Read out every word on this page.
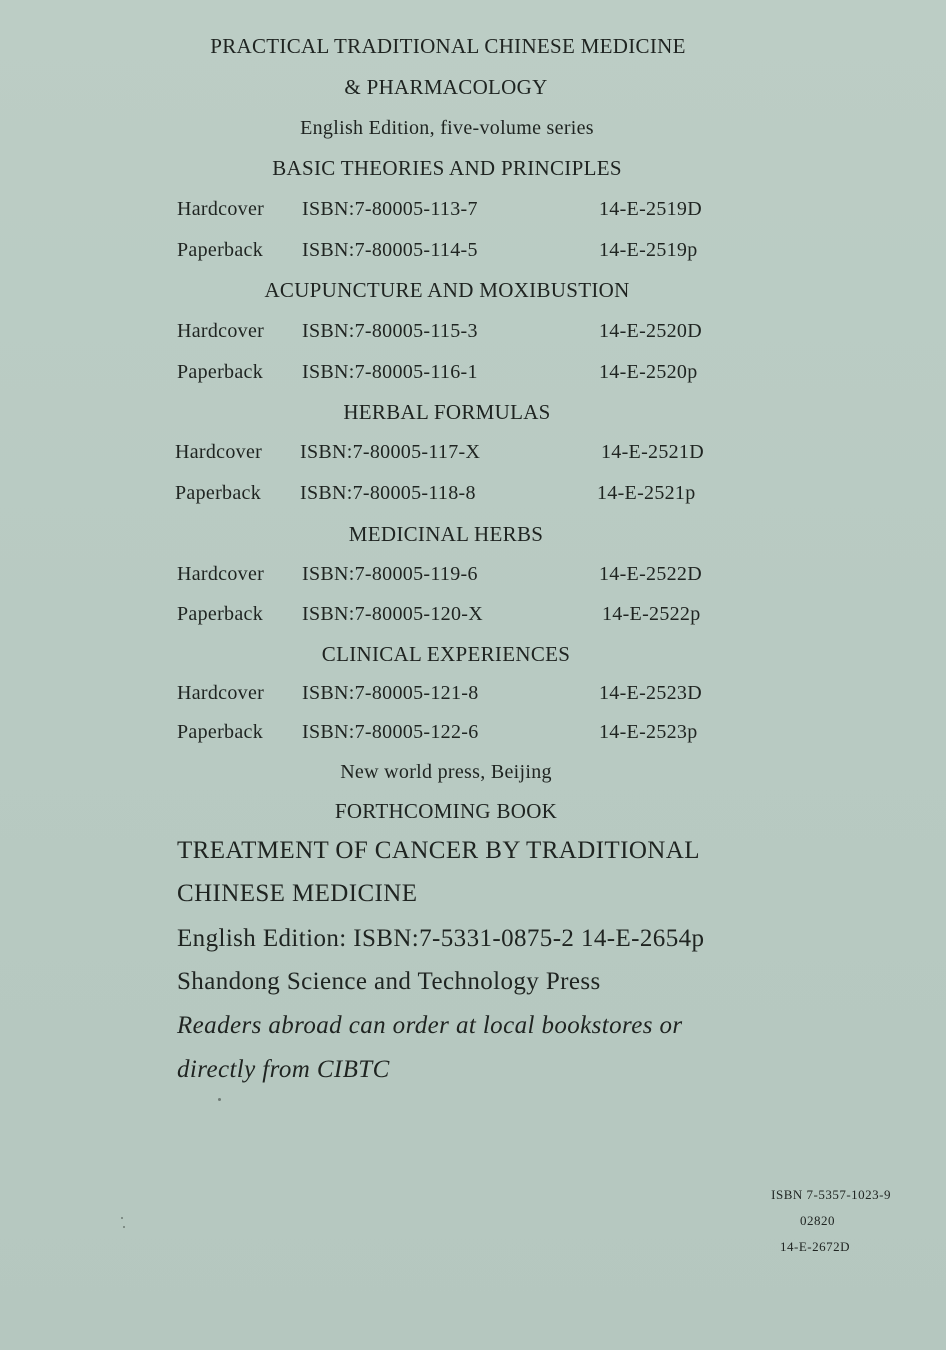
PRACTICAL TRADITIONAL CHINESE MEDICINE
& PHARMACOLOGY
English Edition, five-volume series
BASIC THEORIES AND PRINCIPLES
Hardcover ISBN:7-80005-113-7	14-E-2519D
Paperback ISBN:7-80005-114-5	14-E-2519p
ACUPUNCTURE AND MOXIBUSTION
Hardcover ISBN:7-80005-115-3	14-E-2520D
Paperback ISBN:7-80005-116-1	14-E-2520p
HERBAL FORMULAS
Hardcover ISBN:7-80005-117-X	14-E-2521D
Paperback ISBN:7-80005-118-8	14-E-2521p
MEDICINAL HERBS
Hardcover ISBN:7-80005-119-6	14-E-2522D
Paperback ISBN:7-80005-120-X	14-E-2522p
CLINICAL EXPERIENCES
Hardcover ISBN:7-80005-121-8	14-E-2523D
Paperback ISBN:7-80005-122-6	14-E-2523p
New world press, Beijing
FORTHCOMING BOOK
TREATMENT OF CANCER BY TRADITIONAL
CHINESE MEDICINE
English Edition: ISBN:7-5331-0875-2 14-E-2654p
Shandong Science and Technology Press
Readers abroad can order at local bookstores or
directly from CIBTC
ISBN 7-5357-1023-9
02820
14-E-2672D
